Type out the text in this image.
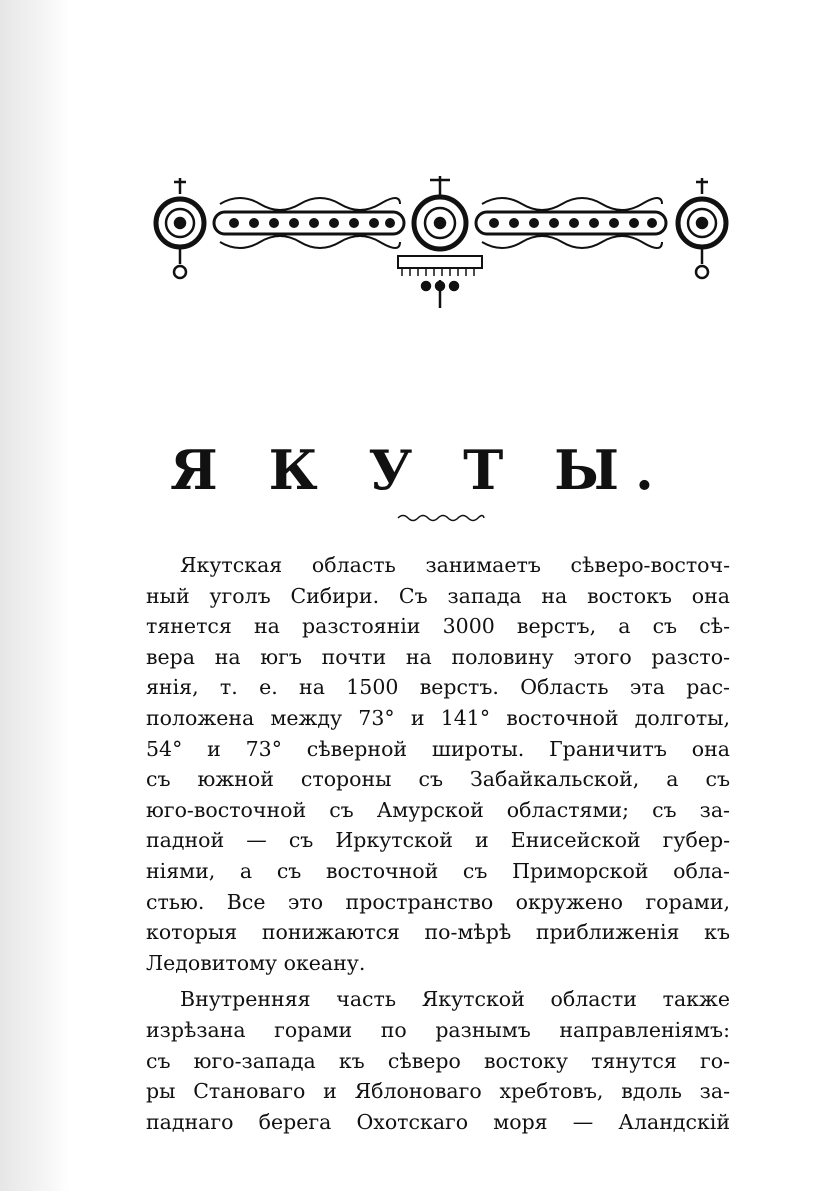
Я К У Т Ы.
Якутская область занимаетъ сѣверо-восточ-
ный уголъ Сибири. Съ запада на востокъ она
тянется на разстояніи 3000 верстъ, а съ сѣ-
вера на югъ почти на половину этого разсто-
янія, т. е. на 1500 верстъ. Область эта рас-
положена между 73° и 141° восточной долготы,
54° и 73° сѣверной широты. Граничитъ она
съ южной стороны съ Забайкальской, а съ
юго-восточной съ Амурской областями; съ за-
падной — съ Иркутской и Енисейской губер-
ніями, а съ восточной съ Приморской обла-
стью. Все это пространство окружено горами,
которыя понижаются по-мѣрѣ приближенія къ
Ледовитому океану.
Внутренняя часть Якутской области также
изрѣзана горами по разнымъ направленіямъ:
съ юго-запада къ сѣверо востоку тянутся го-
ры Становаго и Яблоноваго хребтовъ, вдоль за-
паднаго берега Охотскаго моря — Аландскій
